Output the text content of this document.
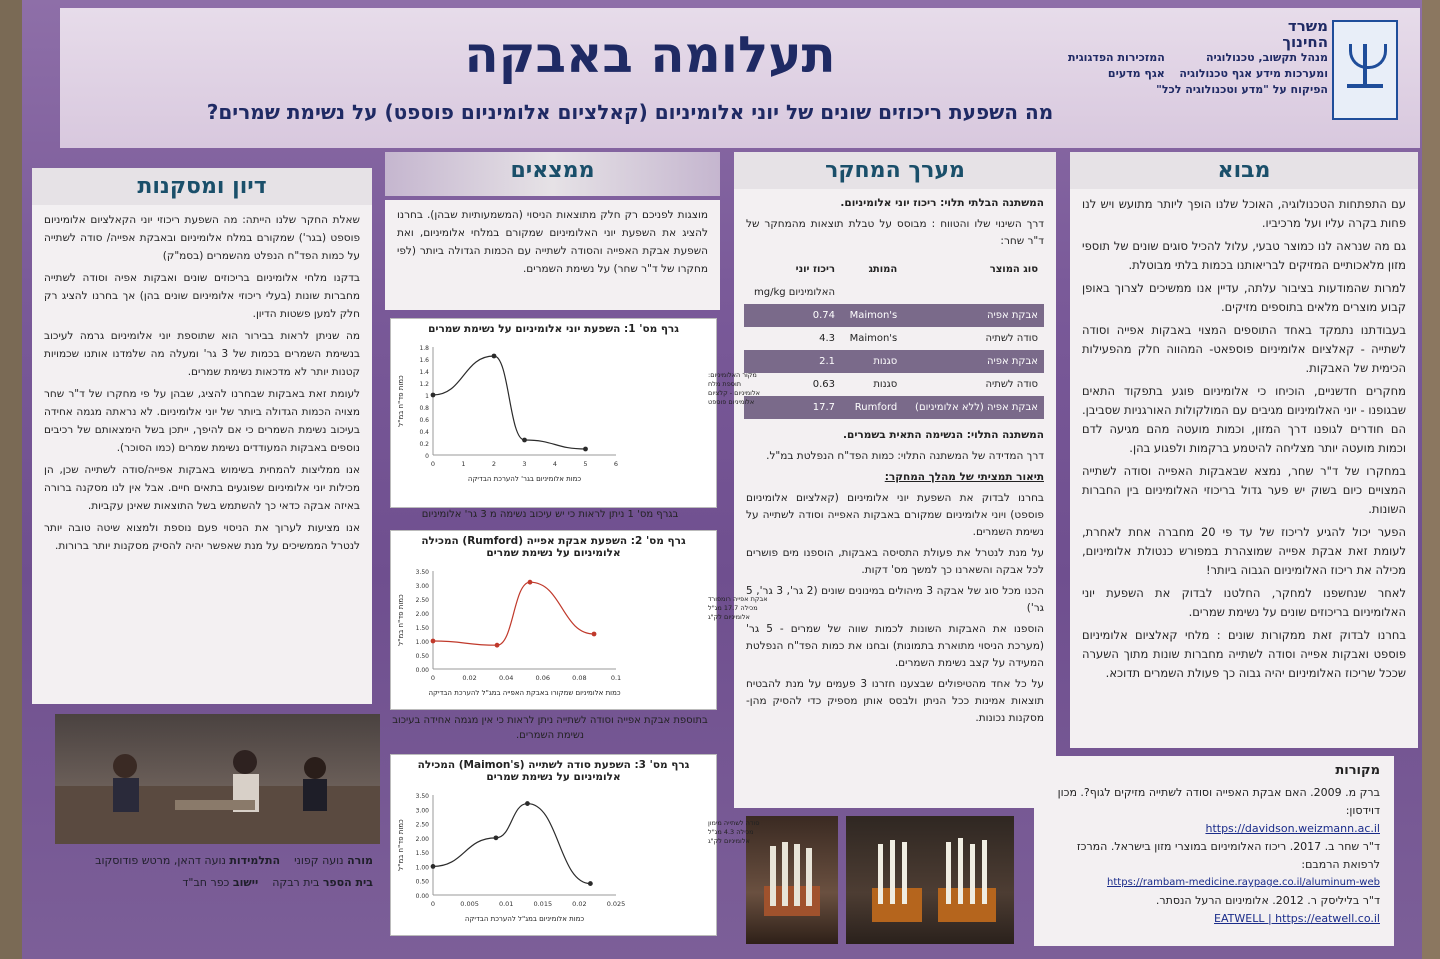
תעלומה באבקה
מה השפעת ריכוזים שונים של יוני אלומיניום (קאלציום אלומיניום פוספט) על נשימת שמרים?
משרד
החינוך
מנהל תקשוב, טכנולוגיה
ומערכות מידע אגף טכנולוגיה
המזכירות הפדגוגית
אגף מדעים
הפיקוח על "מדע וטכנולוגיה לכל"
מבוא

עם התפתחות הטכנולוגיה, האוכל שלנו הופך ליותר מתועש ויש לנו פחות בקרה עליו ועל מרכיביו.

גם מה שנראה לנו כמוצר טבעי, עלול להכיל סוגים שונים של תוספי מזון מלאכותיים המזיקים לבריאותנו בכמות בלתי מבוטלת.

למרות שהמודעות בציבור עלתה, עדיין אנו ממשיכים לצרוך באופן קבוע מוצרים מלאים בתוספים מזיקים.

בעבודתנו נתמקד באחד התוספים המצוי באבקות אפייה וסודה לשתייה - קאלציום אלומיניום פוספאט- המהווה חלק מהפעילות הכימית של האבקות.

מחקרים חדשניים, הוכיחו כי אלומיניום פוגע בתפקוד התאים שבגופנו - יוני האלומיניום מגיבים עם המולקולות האורגניות שסביבן. הם חודרים לגופנו דרך המזון, וכמות מועטה מהם מגיעה לדם וכמות מועטה יותר מצליחה להיטמע ברקמות ולפגוע בהן.

במחקרו של ד"ר שחר, נמצא שבאבקות האפייה וסודה לשתייה המצויים כיום בשוק יש פער גדול בריכוזי האלומיניום בין החברות השונות.

הפער יכול להגיע לריכוז של עד פי 20 מחברה אחת לאחרת, לעומת זאת אבקת אפייה שמוצהרת במפורש כנטולת אלומיניום, מכילה את ריכוז האלומיניום הגבוה ביותר!

לאחר שנחשפנו למחקר, החלטנו לבדוק את השפעת יוני האלומיניום בריכוזים שונים על נשימת שמרים.

בחרנו לבדוק זאת ממקורות שונים : מלחי קאלציום אלומיניום פוספט ואבקות אפייה וסודה לשתייה מחברות שונות מתוך השערה שככל שריכוז האלומיניום יהיה גבוה כך פעולת השמרים תדוכא.

מערך המחקר

המשתנה הבלתי תלוי: ריכוז יוני אלומיניום.

דרך השינוי שלו והטווח : מבוסס על טבלת תוצאות מהמחקר של ד"ר שחר:

סוג המוצר	המותג	ריכוז יוני
		האלומיניום mg/kg
אבקת אפיה	Maimon's	0.74
סודה לשתיה	Maimon's	4.3
אבקת אפיה	סגנות	2.1
סודה לשתיה	סגנות	0.63
אבקת אפיה (ללא אלומיניום)	Rumford	17.7

המשתנה התלוי: הנשימה התאית בשמרים.

דרך המדידה של המשתנה התלוי: כמות הפד"ח הנפלטת במ"ל.

תיאור תמציתי של מהלך המחקר:

בחרנו לבדוק את השפעת יוני אלומיניום (קאלציום אלומיניום פוספט) ויוני אלומיניום שמקורם באבקות האפייה וסודה לשתייה על נשימת השמרים.

על מנת לנטרל את פעולת התסיסה באבקות, הוספנו מים פושרים לכל אבקה והשארנו כך למשך מס' דקות.

הכנו מכל סוג של אבקה 3 מיהולים במינונים שונים (2 גר', 3 גר', 5 גר')

הוספנו את האבקות השונות לכמות שווה של שמרים - 5 גר' (מערכת הניסוי מתוארת בתמונות) ובחנו את כמות הפד"ח הנפלטת המעידה על קצב נשימת השמרים.

על כל אחד מהטיפולים שבצענו חזרנו 3 פעמים על מנת להבטיח תוצאות אמינות ככל הניתן ולבסס אותן מספיק כדי להסיק מהן- מסקנות נכונות.

ממצאים
מוצגות לפניכם רק חלק מתוצאות הניסוי (המשמעותיות שבהן). בחרנו להציג את השפעת יוני האלומיניום שמקורם במלחי אלומיניום, ואת השפעת אבקת האפייה והסודה לשתייה עם הכמות הגדולה ביותר (לפי מחקרו של ד"ר שחר) על נשימת השמרים.
גרף מס' 1: השפעת יוני אלומיניום על נשימת שמרים
0
0.2
0.4
0.6
0.8
1
1.2
1.4
1.6
1.8
0	1	2	3	4	5	6
כמות אלומיניום בגר' להערכת הבדיקה
כמות פד"ח במ"ל
מקור האלומיניום:
תוספת מלח
אלומיניום - קלציום
אלומיניום פוספט
בגרף מס' 1 ניתן לראות כי יש עיכוב נשימה מ 3 גר' אלומיניום
גרף מס' 2: השפעת אבקת אפייה (Rumford) המכילה אלומיניום על נשימת שמרים
0.00
0.50
1.00
1.50
2.00
2.50
3.00
3.50
0	0.02	0.04	0.06	0.08	0.1
כמות אלומיניום שמקורו באבקת האפייה במג"ל להערכת הבדיקה
כמות פד"ח במ"ל	אבקת אפייה רומפורד
מכילה 17.7 מג"ל
אלומיניום לק"ג
בתוספת אבקת אפייה וסודה לשתייה ניתן לראות כי אין מגמה אחידה בעיכוב נשימת השמרים.
גרף מס' 3: השפעת סודה לשתייה (Maimon's) המכילה אלומיניום על נשימת שמרים
0.00
0.50
1.00
1.50
2.00
2.50
3.00
3.50
0	0.005	0.01	0.015	0.02	0.025
כמות אלומיניום במג"ל להערכת הבדיקה
כמות פד"ח במ"ל	סודה לשתייה מימון
מכילה 4.3 מג"ל
אלומיניום לק"ג
דיון ומסקנות

שאלת החקר שלנו הייתה: מה השפעת ריכוזי יוני הקאלציום אלומיניום פוספט (בגר') שמקורם במלח אלומיניום ובאבקת אפייה/ סודה לשתייה על כמות הפד"ח הנפלט מהשמרים (בסמ"ק)

בדקנו מלחי אלומיניום בריכוזים שונים ואבקות אפיה וסודה לשתייה מחברות שונות (בעלי ריכוזי אלומיניום שונים בהן) אך בחרנו להציג רק חלק למען פשטות הדיון.

מה שניתן לראות בבירור הוא שתוספת יוני אלומיניום גרמה לעיכוב בנשימת השמרים בכמות של 3 גר' ומעלה מה שלמדנו אותנו שכמויות קטנות יותר לא מדכאות נשימת שמרים.

לעומת זאת באבקות שבחרנו להציג, שבהן על פי מחקרו של ד"ר שחר מצויה הכמות הגדולה ביותר של יוני אלומיניום. לא נראתה מגמה אחידה בעיכוב נשימת השמרים כי אם להיפך, ייתכן בשל הימצאותם של רכיבים נוספים באבקות המעודדים נשימת שמרים (כמו הסוכר).

אנו ממליצות להמחית בשימוש באבקות אפייה/סודה לשתייה שכן, הן מכילות יוני אלומיניום שפוגעים בתאים חיים. אבל אין לנו מסקנה ברורה באיזה אבקה כדאי כך להשתמש בשל התוצאות שאינן עקביות.

אנו מציעות לערוך את הניסוי פעם נוספת ולמצוא שיטה טובה יותר לנטרל הממשיכים על מנת שאפשר יהיה להסיק מסקנות יותר ברורות.

מורה נועה קפוני    התלמידות נועה דהאן, מרטש פודוסקוב
בית הספר בית רבקה    יישוב כפר חב"ד
מקורות
ברק מ. 2009. האם אבקת האפייה וסודה לשתייה מזיקים לגוף?. מכון דוידסון:
https://davidson.weizmann.ac.il
ד"ר שחר ב. 2017. ריכוז האלומיניום במוצרי מזון בישראל. המרכז לרפואת הרמבם:
https://rambam-medicine.raypage.co.il/aluminum-web
ד"ר בליליסק ר. 2012. אלומיניום הרעל הנסתר.
EATWELL | https://eatwell.co.il
